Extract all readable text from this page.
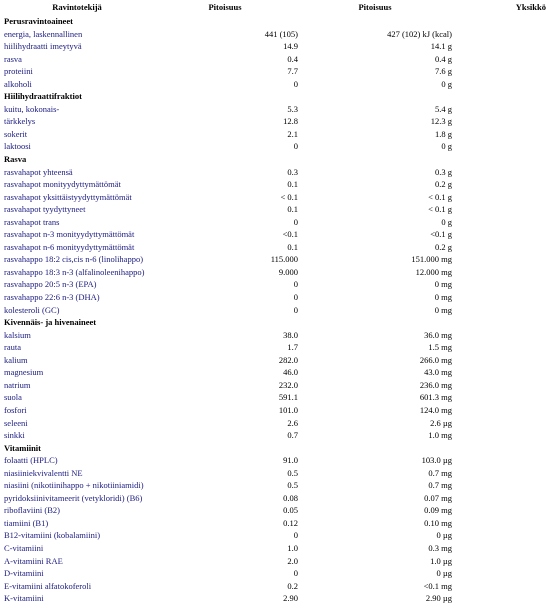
Ravintotekijä	Pitoisuus	Pitoisuus	Yksikkö
Perusravintoaineet
energia, laskennallinen	441 (105)	427 (102) kJ (kcal)
hiilihydraatti imeytyvä	14.9	14.1 g
rasva	0.4	0.4 g
proteiini	7.7	7.6 g
alkoholi	0	0 g
Hiilihydraattifraktiot
kuitu, kokonais-	5.3	5.4 g
tärkkelys	12.8	12.3 g
sokerit	2.1	1.8 g
laktoosi	0	0 g
Rasva
rasvahapot yhteensä	0.3	0.3 g
rasvahapot monityydyttymättömät	0.1	0.2 g
rasvahapot yksittäistyydyttymättömät	< 0.1	< 0.1 g
rasvahapot tyydyttyneet	0.1	< 0.1 g
rasvahapot trans	0	0 g
rasvahapot n-3 monityydyttymättömät	<0.1	<0.1 g
rasvahapot n-6 monityydyttymättömät	0.1	0.2 g
rasvahappo 18:2 cis,cis n-6 (linolihappo)	115.000	151.000 mg
rasvahappo 18:3 n-3 (alfalinoleenihappo)	9.000	12.000 mg
rasvahappo 20:5 n-3 (EPA)	0	0 mg
rasvahappo 22:6 n-3 (DHA)	0	0 mg
kolesteroli (GC)	0	0 mg
Kivennäis- ja hivenaineet
kalsium	38.0	36.0 mg
rauta	1.7	1.5 mg
kalium	282.0	266.0 mg
magnesium	46.0	43.0 mg
natrium	232.0	236.0 mg
suola	591.1	601.3 mg
fosfori	101.0	124.0 mg
seleeni	2.6	2.6 µg
sinkki	0.7	1.0 mg
Vitamiinit
folaatti (HPLC)	91.0	103.0 µg
niasiiniekvivalentti NE	0.5	0.7 mg
niasiini (nikotiinihappo + nikotiiniamidi)	0.5	0.7 mg
pyridoksiinivitameerit (vetykloridi) (B6)	0.08	0.07 mg
riboflaviini (B2)	0.05	0.09 mg
tiamiini (B1)	0.12	0.10 mg
B12-vitamiini (kobalamiini)	0	0 µg
C-vitamiini	1.0	0.3 mg
A-vitamiini RAE	2.0	1.0 µg
D-vitamiini	0	0 µg
E-vitamiini alfatokoferoli	0.2	<0.1 mg
K-vitamiini	2.90	2.90 µg
